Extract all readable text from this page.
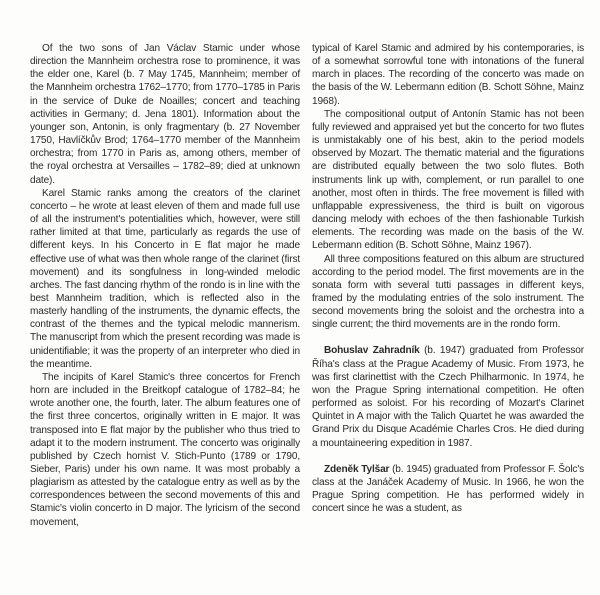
Of the two sons of Jan Václav Stamic under whose direction the Mannheim orchestra rose to prominence, it was the elder one, Karel (b. 7 May 1745, Mannheim; member of the Mannheim orchestra 1762–1770; from 1770–1785 in Paris in the service of Duke de Noailles; concert and teaching activities in Germany; d. Jena 1801). Information about the younger son, Antonin, is only fragmentary (b. 27 November 1750, Havlíčkův Brod; 1764–1770 member of the Mannheim orchestra; from 1770 in Paris as, among others, member of the royal orchestra at Versailles – 1782–89; died at unknown date).

Karel Stamic ranks among the creators of the clarinet concerto – he wrote at least eleven of them and made full use of all the instrument's potentialities which, however, were still rather limited at that time, particularly as regards the use of different keys. In his Concerto in E flat major he made effective use of what was then whole range of the clarinet (first movement) and its songfulness in long-winded melodic arches. The fast dancing rhythm of the rondo is in line with the best Mannheim tradition, which is reflected also in the masterly handling of the instruments, the dynamic effects, the contrast of the themes and the typical melodic mannerism. The manuscript from which the present recording was made is unidentifiable; it was the property of an interpreter who died in the meantime.

The incipits of Karel Stamic's three concertos for French horn are included in the Breitkopf catalogue of 1782–84; he wrote another one, the fourth, later. The album features one of the first three concertos, originally written in E major. It was transposed into E flat major by the publisher who thus tried to adapt it to the modern instrument. The concerto was originally published by Czech hornist V. Stich-Punto (1789 or 1790, Sieber, Paris) under his own name. It was most probably a plagiarism as attested by the catalogue entry as well as by the correspondences between the second movements of this and Stamic's violin concerto in D major. The lyricism of the second movement,

typical of Karel Stamic and admired by his contemporaries, is of a somewhat sorrowful tone with intonations of the funeral march in places. The recording of the concerto was made on the basis of the W. Lebermann edition (B. Schott Söhne, Mainz 1968).

The compositional output of Antonín Stamic has not been fully reviewed and appraised yet but the concerto for two flutes is unmistakably one of his best, akin to the period models observed by Mozart. The thematic material and the figurations are distributed equally between the two solo flutes. Both instruments link up with, complement, or run parallel to one another, most often in thirds. The free movement is filled with unflappable expressiveness, the third is built on vigorous dancing melody with echoes of the then fashionable Turkish elements. The recording was made on the basis of the W. Lebermann edition (B. Schott Söhne, Mainz 1967).

All three compositions featured on this album are structured according to the period model. The first movements are in the sonata form with several tutti passages in different keys, framed by the modulating entries of the solo instrument. The second movements bring the soloist and the orchestra into a single current; the third movements are in the rondo form.

Bohuslav Zahradník (b. 1947) graduated from Professor Říha's class at the Prague Academy of Music. From 1973, he was first clarinettist with the Czech Philharmonic. In 1974, he won the Prague Spring international competition. He often performed as soloist. For his recording of Mozart's Clarinet Quintet in A major with the Talich Quartet he was awarded the Grand Prix du Disque Académie Charles Cros. He died during a mountaineering expedition in 1987.

Zdeněk Tylšar (b. 1945) graduated from Professor F. Šolc's class at the Janáček Academy of Music. In 1966, he won the Prague Spring competition. He has performed widely in concert since he was a student, as
